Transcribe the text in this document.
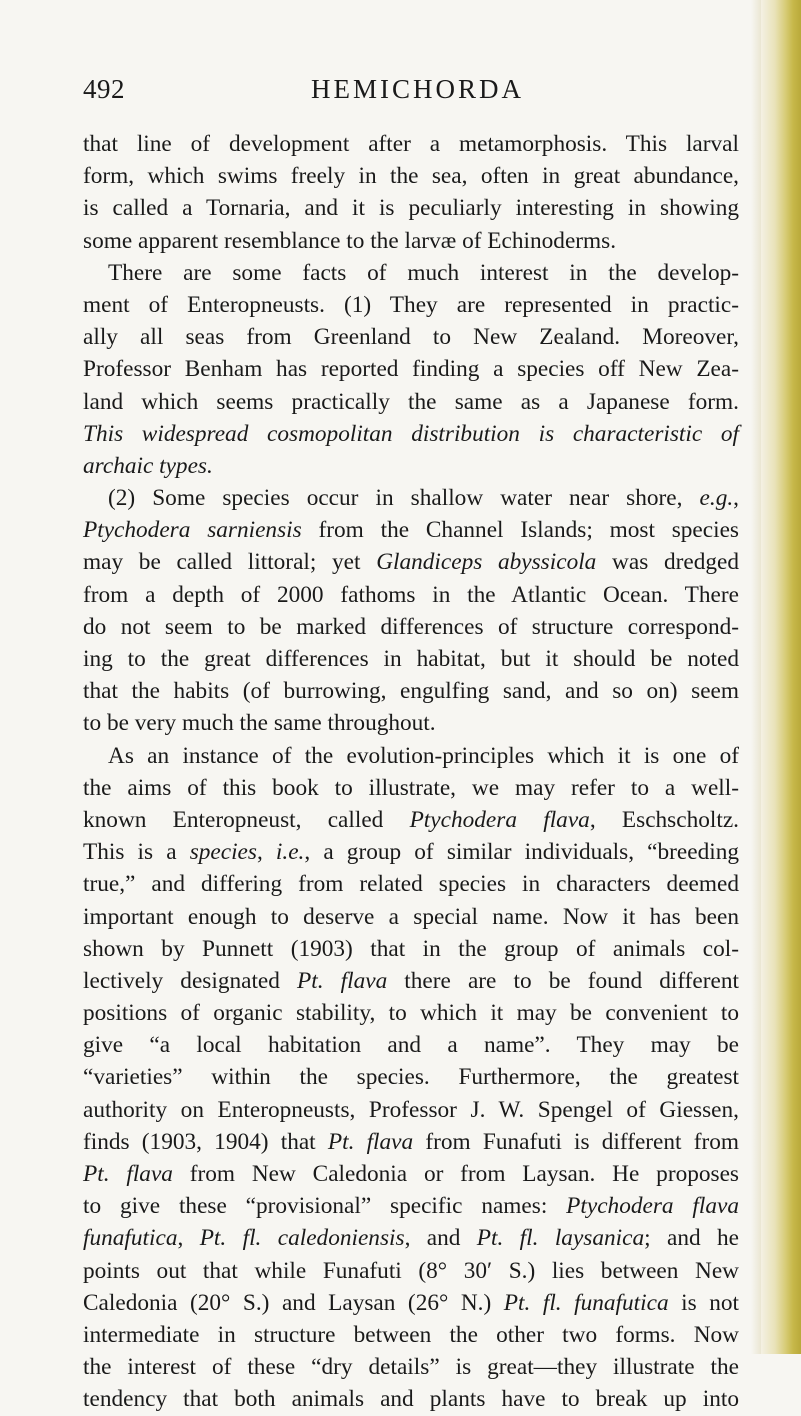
492	HEMICHORDA
that line of development after a metamorphosis. This larval
form, which swims freely in the sea, often in great abundance,
is called a Tornaria, and it is peculiarly interesting in showing
some apparent resemblance to the larvæ of Echinoderms.
There are some facts of much interest in the develop-
ment of Enteropneusts. (1) They are represented in practic-
ally all seas from Greenland to New Zealand. Moreover,
Professor Benham has reported finding a species off New Zea-
land which seems practically the same as a Japanese form.
This widespread cosmopolitan distribution is characteristic of
archaic types.
(2) Some species occur in shallow water near shore, e.g.,
Ptychodera sarniensis from the Channel Islands; most species
may be called littoral; yet Glandiceps abyssicola was dredged
from a depth of 2000 fathoms in the Atlantic Ocean. There
do not seem to be marked differences of structure correspond-
ing to the great differences in habitat, but it should be noted
that the habits (of burrowing, engulfing sand, and so on) seem
to be very much the same throughout.
As an instance of the evolution-principles which it is one of
the aims of this book to illustrate, we may refer to a well-
known Enteropneust, called Ptychodera flava, Eschscholtz.
This is a species, i.e., a group of similar individuals, “breeding
true,” and differing from related species in characters deemed
important enough to deserve a special name. Now it has been
shown by Punnett (1903) that in the group of animals col-
lectively designated Pt. flava there are to be found different
positions of organic stability, to which it may be convenient to
give “a local habitation and a name”. They may be
“varieties” within the species. Furthermore, the greatest
authority on Enteropneusts, Professor J. W. Spengel of Giessen,
finds (1903, 1904) that Pt. flava from Funafuti is different from
Pt. flava from New Caledonia or from Laysan. He proposes
to give these “provisional” specific names: Ptychodera flava
funafutica, Pt. fl. caledoniensis, and Pt. fl. laysanica; and he
points out that while Funafuti (8° 30′ S.) lies between New
Caledonia (20° S.) and Laysan (26° N.) Pt. fl. funafutica is not
intermediate in structure between the other two forms. Now
the interest of these “dry details” is great—they illustrate the
tendency that both animals and plants have to break up into
